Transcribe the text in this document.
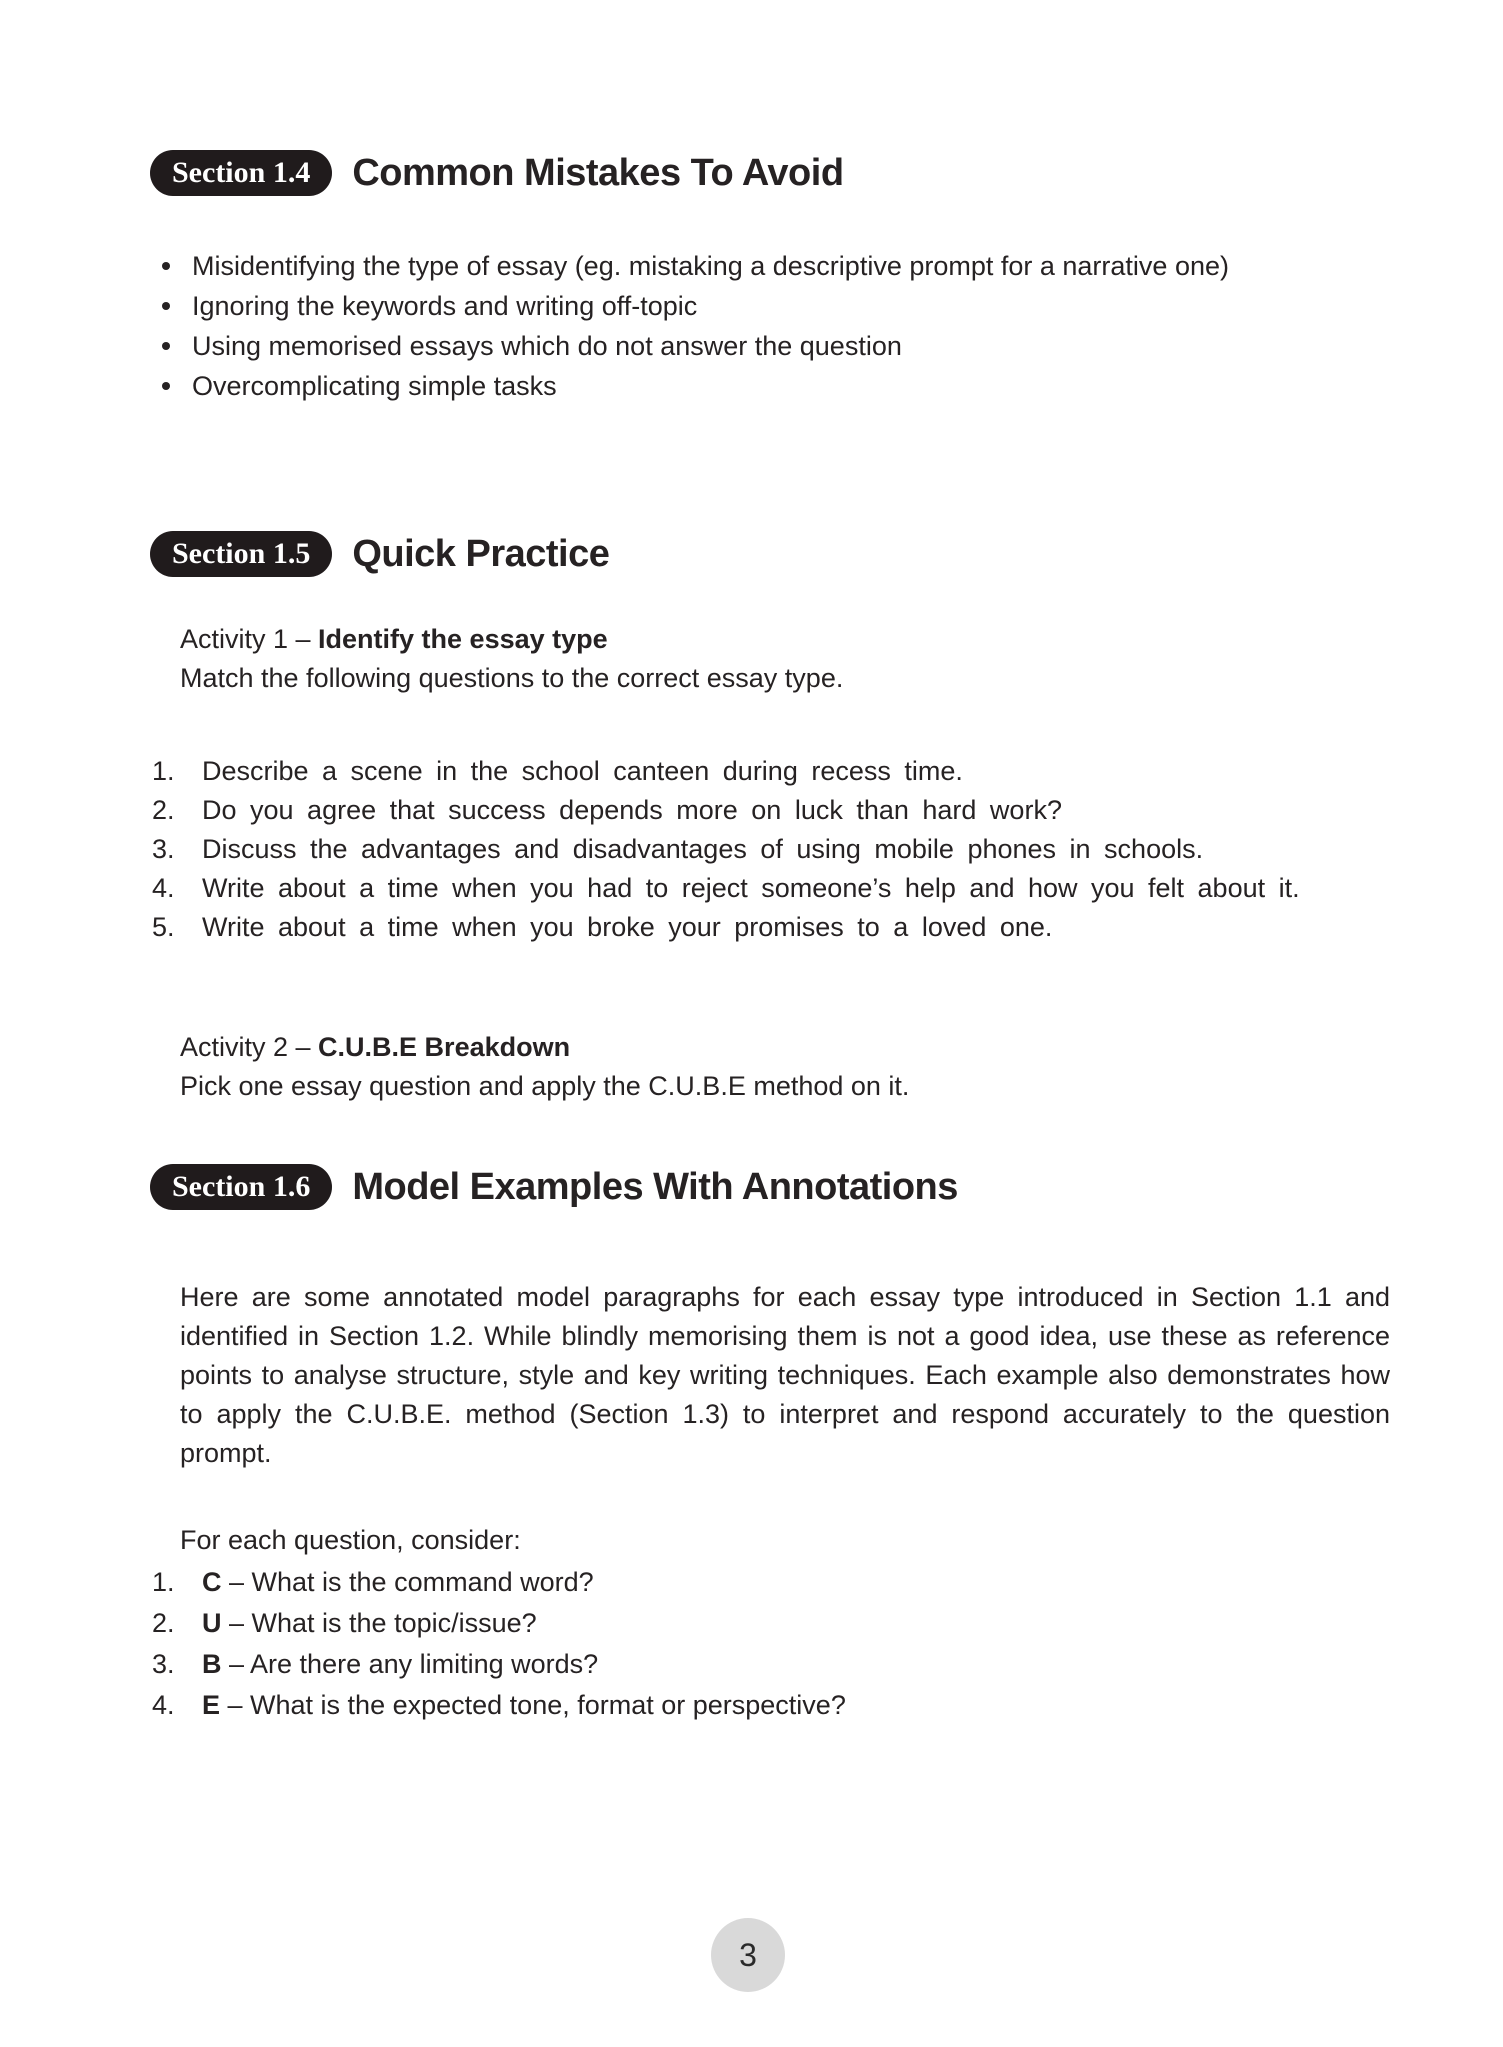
Section 1.4	Common Mistakes To Avoid
Misidentifying the type of essay (eg. mistaking a descriptive prompt for a narrative one)
Ignoring the keywords and writing off-topic
Using memorised essays which do not answer the question
Overcomplicating simple tasks
Section 1.5	Quick Practice
Activity 1 – Identify the essay type
Match the following questions to the correct essay type.
1.	Describe a scene in the school canteen during recess time.
2.	Do you agree that success depends more on luck than hard work?
3.	Discuss the advantages and disadvantages of using mobile phones in schools.
4.	Write about a time when you had to reject someone’s help and how you felt about it.
5.	Write about a time when you broke your promises to a loved one.
Activity 2 – C.U.B.E Breakdown
Pick one essay question and apply the C.U.B.E method on it.
Section 1.6	Model Examples With Annotations
Here are some annotated model paragraphs for each essay type introduced in Section 1.1 and identified in Section 1.2. While blindly memorising them is not a good idea, use these as reference points to analyse structure, style and key writing techniques. Each example also demonstrates how to apply the C.U.B.E. method (Section 1.3) to interpret and respond accurately to the question prompt.
For each question, consider:
1.	C – What is the command word?
2.	U – What is the topic/issue?
3.	B – Are there any limiting words?
4.	E – What is the expected tone, format or perspective?
3
